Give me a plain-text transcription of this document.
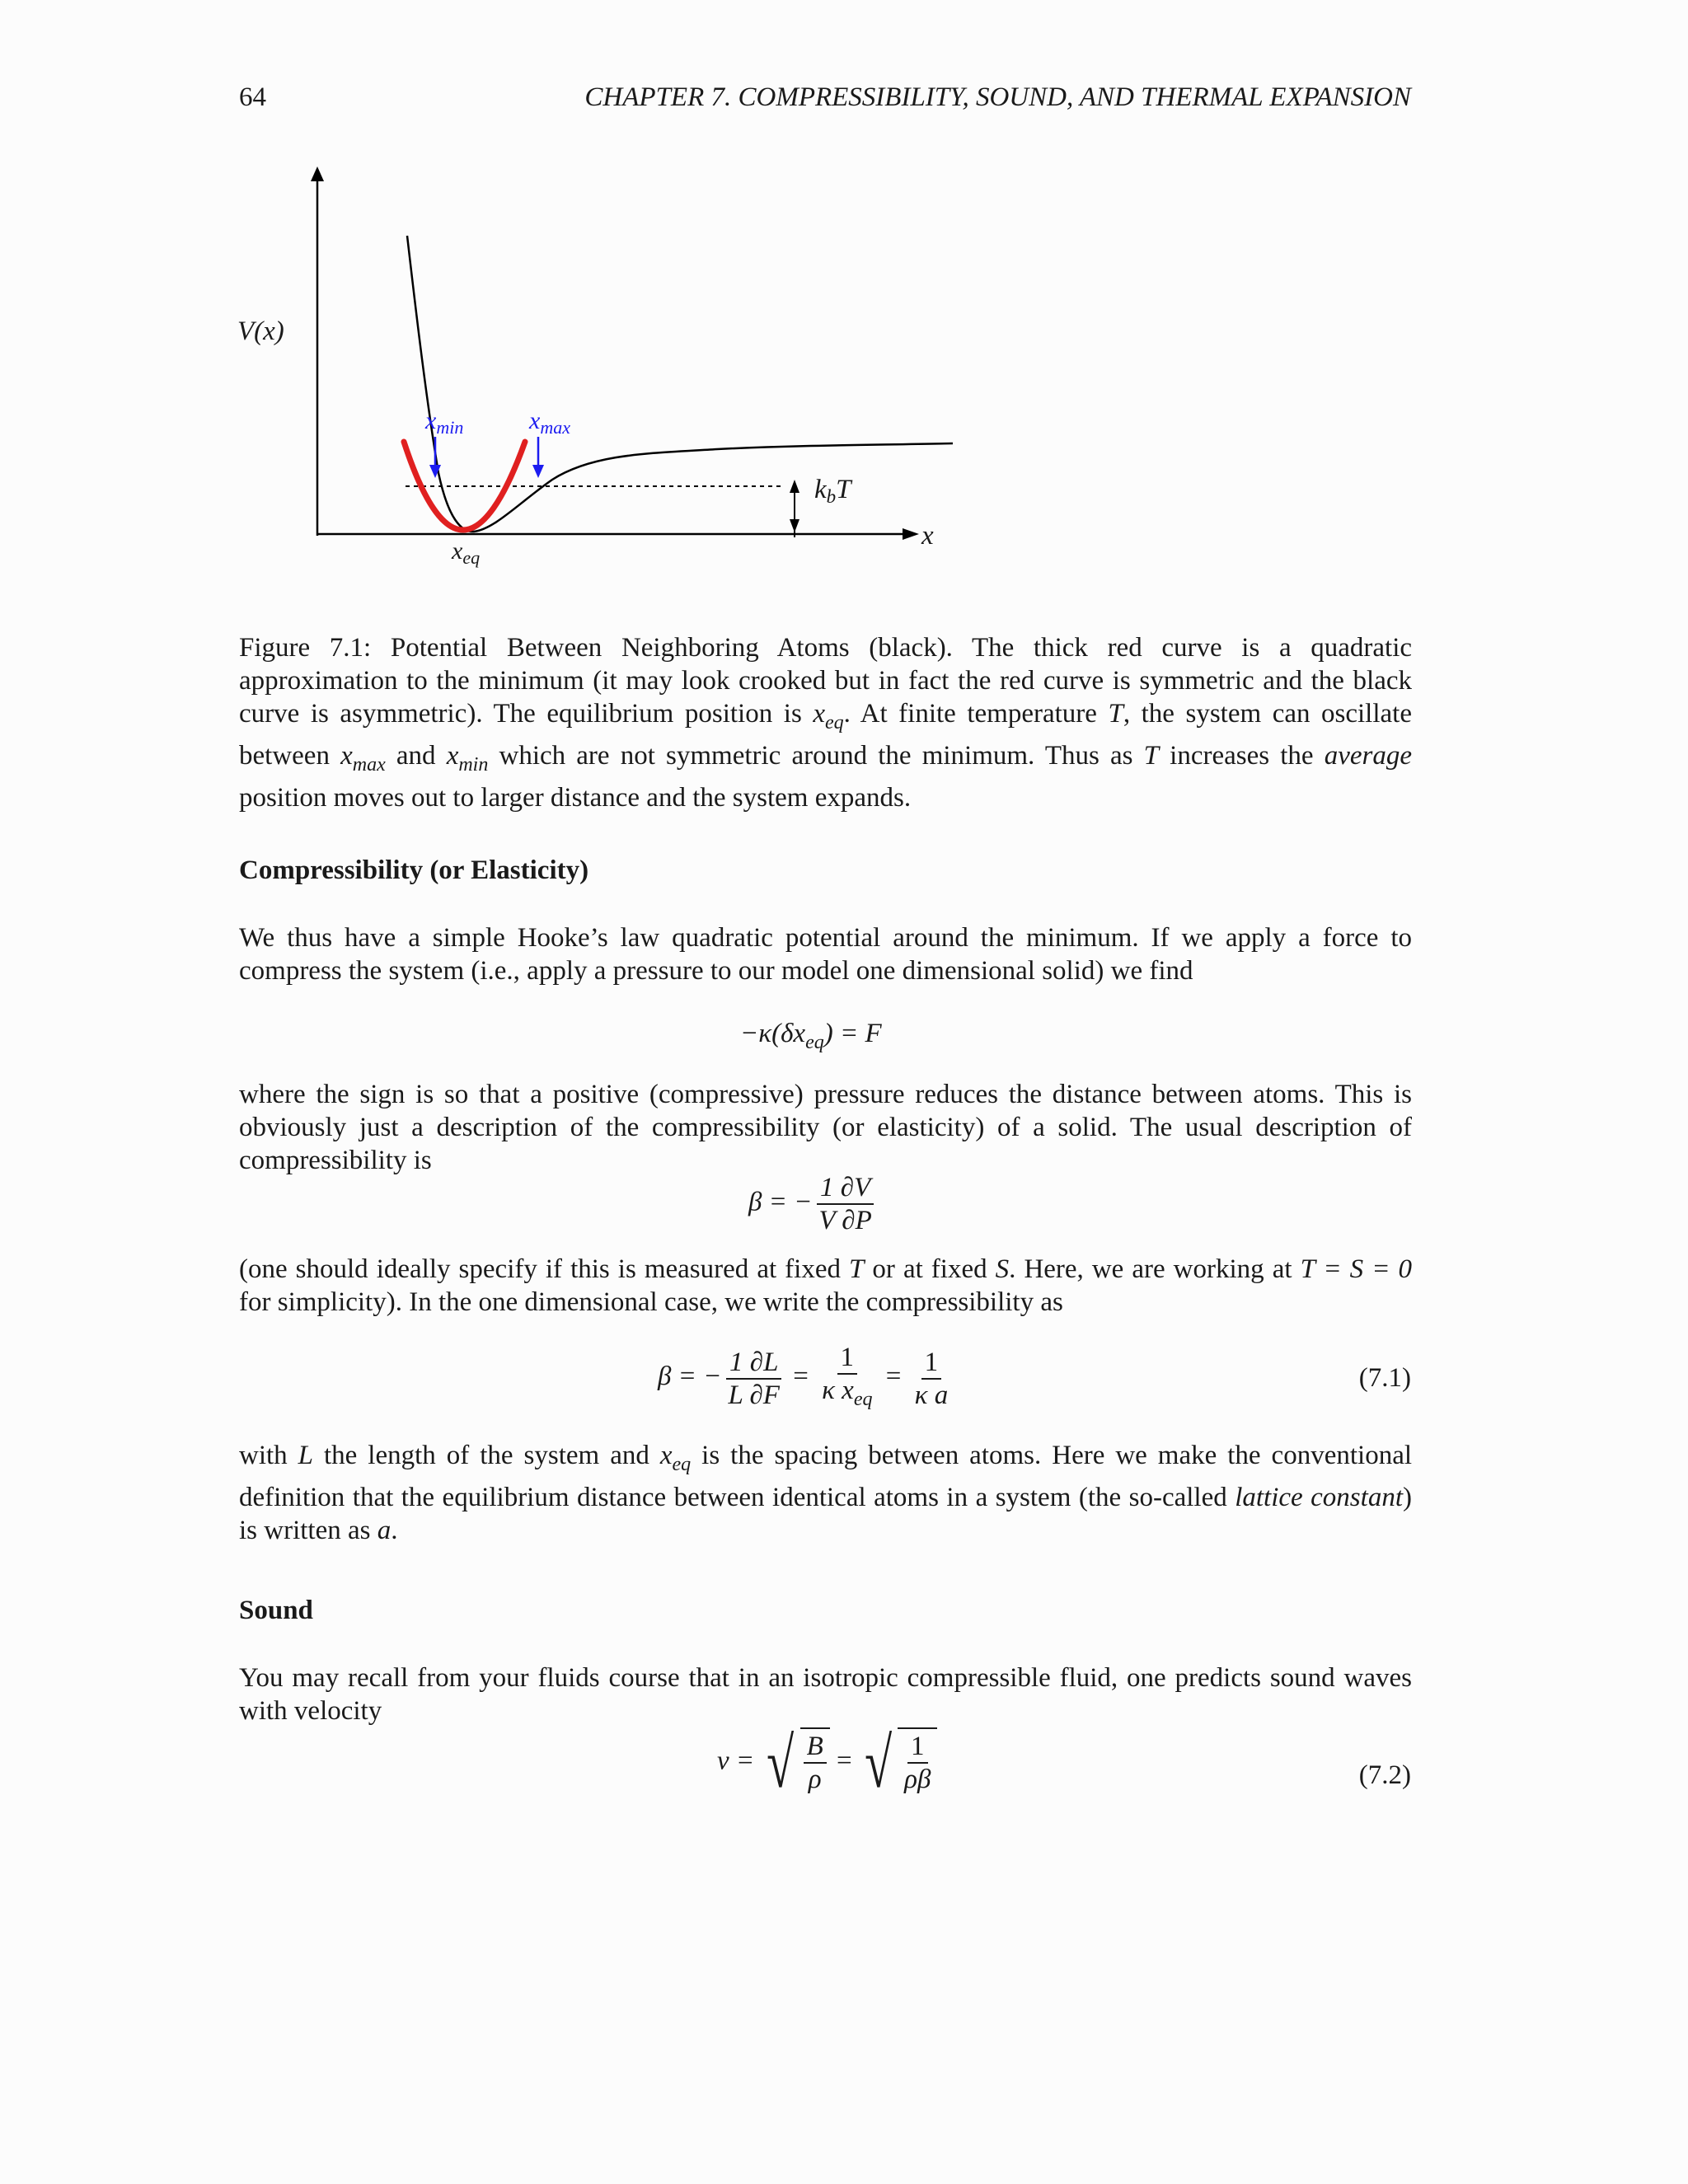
64	CHAPTER 7. COMPRESSIBILITY, SOUND, AND THERMAL EXPANSION
V(x)
x
$x_{min}$	$x_{max}$
$x_{eq}$
kbT
Figure 7.1: Potential Between Neighboring Atoms (black). The thick red curve is a quadratic approximation to the minimum (it may look crooked but in fact the red curve is symmetric and the black curve is asymmetric). The equilibrium position is $x_{eq}$. At finite temperature T, the system can oscillate between $x_{max}$ and $x_{min}$ which are not symmetric around the minimum. Thus as T increases the average position moves out to larger distance and the system expands.
Compressibility (or Elasticity)
We thus have a simple Hooke’s law quadratic potential around the minimum. If we apply a force to compress the system (i.e., apply a pressure to our model one dimensional solid) we find
$-\kappa(\delta x_{eq}) = F$
where the sign is so that a positive (compressive) pressure reduces the distance between atoms. This is obviously just a description of the compressibility (or elasticity) of a solid. The usual description of compressibility is
β = − $\frac{1 \partial V}{V \partial P}$
(one should ideally specify if this is measured at fixed T or at fixed S. Here, we are working at T = S = 0 for simplicity). In the one dimensional case, we write the compressibility as
β = − $\frac{1 \partial L}{L \partial F} = \frac{1}{\kappa x_{eq}} = \frac{1}{\text{κ a}}$	(7.1)
with L the length of the system and $x_{eq}$ is the spacing between atoms. Here we make the conventional definition that the equilibrium distance between identical atoms in a system (the so-called lattice constant) is written as a.
Sound
You may recall from your fluids course that in an isotropic compressible fluid, one predicts sound waves with velocity
v = √ $\frac{B}{\rho}$ = √ $\frac{1}{\rho\beta}$	(7.2)
